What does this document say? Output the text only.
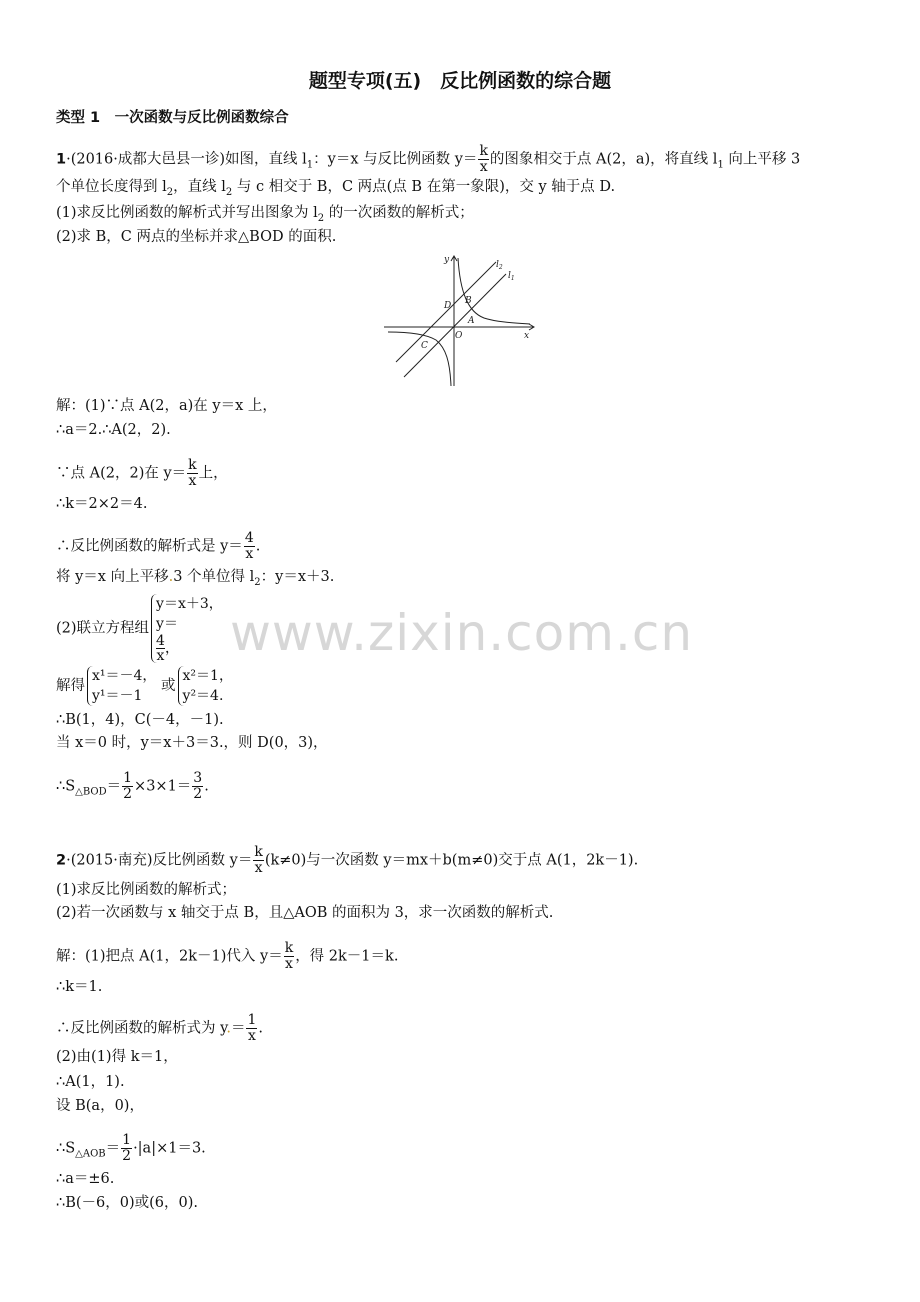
题型专项(五)　反比例函数的综合题
类型 1　一次函数与反比例函数综合
1·(2016·成都大邑县一诊)如图，直线 $l_1$：y＝x 与反比例函数 $y= \frac{k}{x}$ 的图象相交于点 A(2，a)，将直线 $l_1$ 向上平移 3
个单位长度得到 $l_2$，直线 $l_2$ 与 c 相交于 B，C 两点(点 B 在第一象限)，交 y 轴于点 D.
(1)求反比例函数的解析式并写出图象为 $l_2$ 的一次函数的解析式；
(2)求 B，C 两点的坐标并求△BOD 的面积.
y
x
O
A
B
C
D
$l_2$
$l_1$
解：(1)∵点 A(2，a)在 y＝x 上，
∴a＝2.∴A(2，2).
∵点 A(2，2)在 $y= \frac{k}{x}$ 上，
∴k＝2×2＝4.
∴反比例函数的解析式是 $y= \frac{4}{x}$ .
将 y＝x 向上平移.3 个单位得 $l_2$：y＝x＋3.
(2)联立方程组
y＝x＋3，
y＝
$\frac{4}{x}$ ，
解得
x¹＝－4，
y¹＝－1
或
x²＝1，
y²＝4.
∴B(1，4)，C(－4，－1).
当 x＝0 时，y＝x＋3＝3.，则 D(0，3)，
$\therefore S_{\triangle BOD}= \frac{1}{2} \times 3\times 1= \frac{3}{2}$ .
2·(2015·南充)反比例函数 $y= \frac{k}{x} (k\ne 0)$与一次函数 y＝mx＋b(m≠0)交于点 A(1，2k－1).
(1)求反比例函数的解析式；
(2)若一次函数与 x 轴交于点 B，且△AOB 的面积为 3，求一次函数的解析式.
解：(1)把点 A(1，2k－1)代入 $y= \frac{k}{x}$ ，得 2k－1＝k.
∴k＝1.
∴反比例函数的解析式为 $y.= \frac{1}{x}$ .
(2)由(1)得 k＝1，
∴A(1，1).
设 B(a，0)，
$\therefore S_{\triangle AOB}= \frac{1}{2} \cdot|a|\times 1=3$.
∴a＝±6.
∴B(－6，0)或(6，0).
www.zixin.com.cn
